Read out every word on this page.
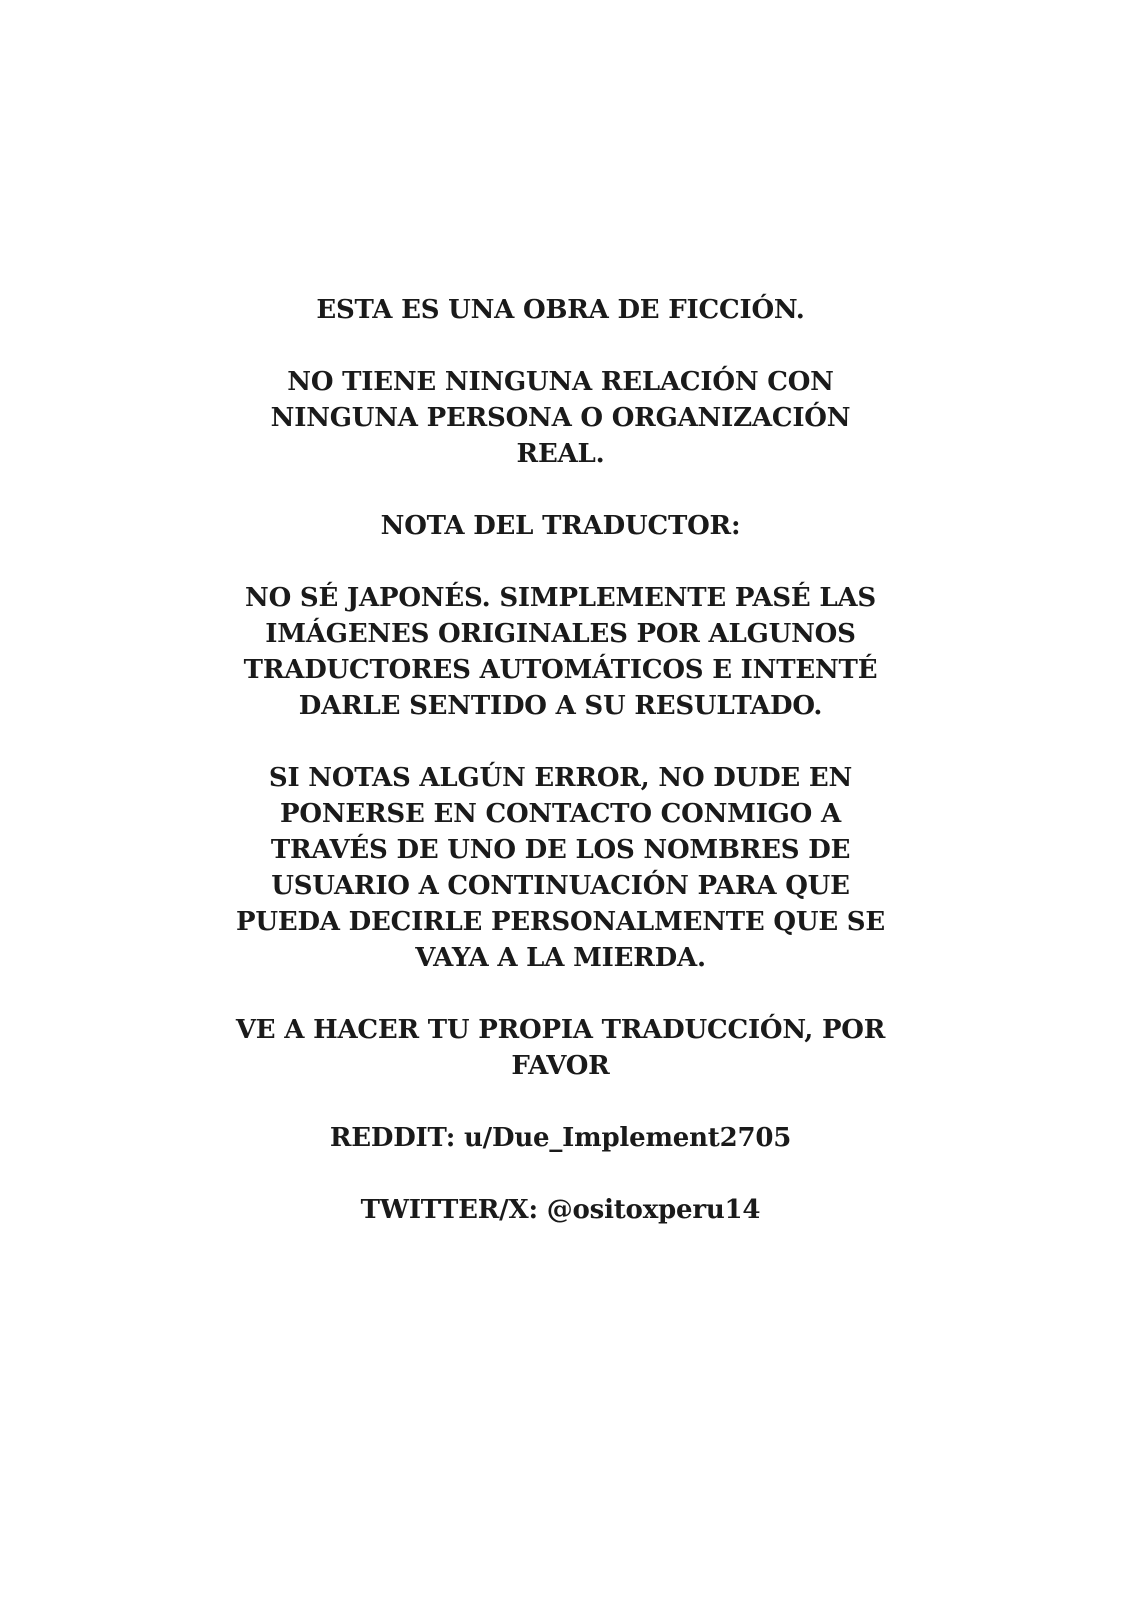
ESTA ES UNA OBRA DE FICCIÓN.
NO TIENE NINGUNA RELACIÓN CON
NINGUNA PERSONA O ORGANIZACIÓN
REAL.
NOTA DEL TRADUCTOR:
NO SÉ JAPONÉS. SIMPLEMENTE PASÉ LAS
IMÁGENES ORIGINALES POR ALGUNOS
TRADUCTORES AUTOMÁTICOS E INTENTÉ
DARLE SENTIDO A SU RESULTADO.
SI NOTAS ALGÚN ERROR, NO DUDE EN
PONERSE EN CONTACTO CONMIGO A
TRAVÉS DE UNO DE LOS NOMBRES DE
USUARIO A CONTINUACIÓN PARA QUE
PUEDA DECIRLE PERSONALMENTE QUE SE
VAYA A LA MIERDA.
VE A HACER TU PROPIA TRADUCCIÓN, POR
FAVOR
REDDIT: u/Due_Implement2705
TWITTER/X: @ositoxperu14
